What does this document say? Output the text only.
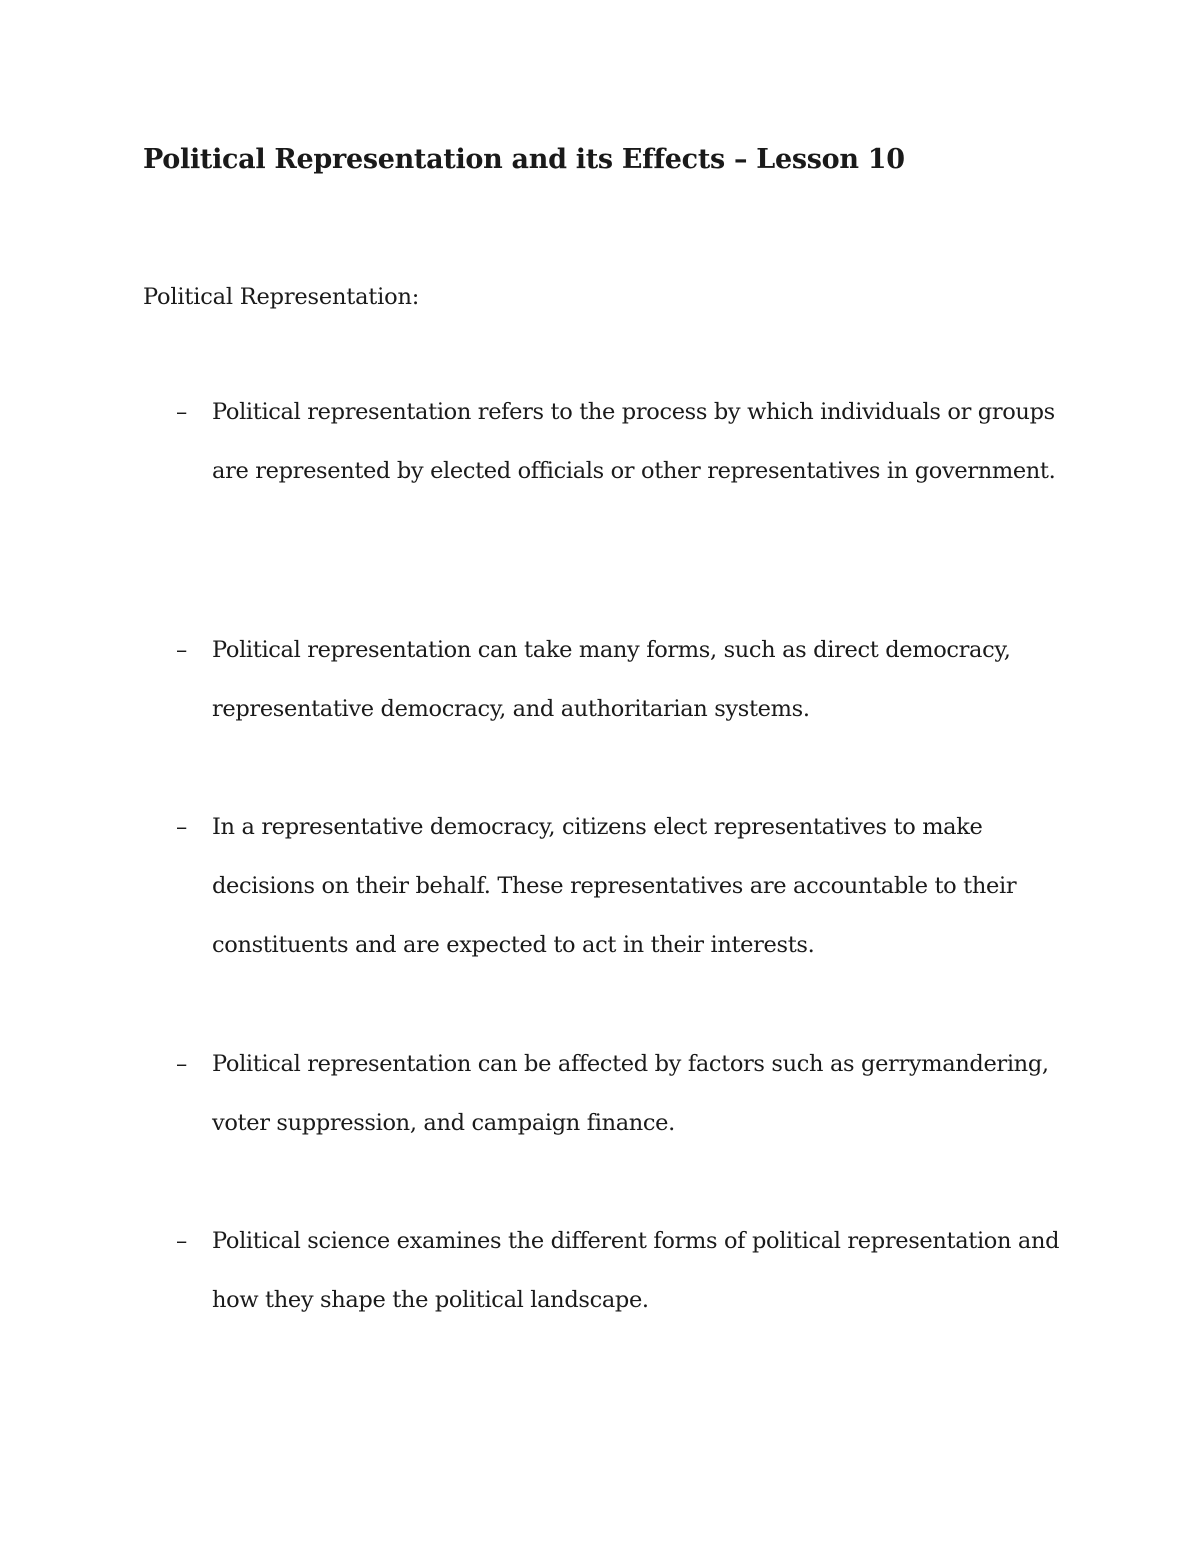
Political Representation and its Effects – Lesson 10
Political Representation:
– Political representation refers to the process by which individuals or groups are represented by elected officials or other representatives in government.
– Political representation can take many forms, such as direct democracy, representative democracy, and authoritarian systems.
– In a representative democracy, citizens elect representatives to make decisions on their behalf. These representatives are accountable to their constituents and are expected to act in their interests.
– Political representation can be affected by factors such as gerrymandering, voter suppression, and campaign finance.
– Political science examines the different forms of political representation and how they shape the political landscape.
